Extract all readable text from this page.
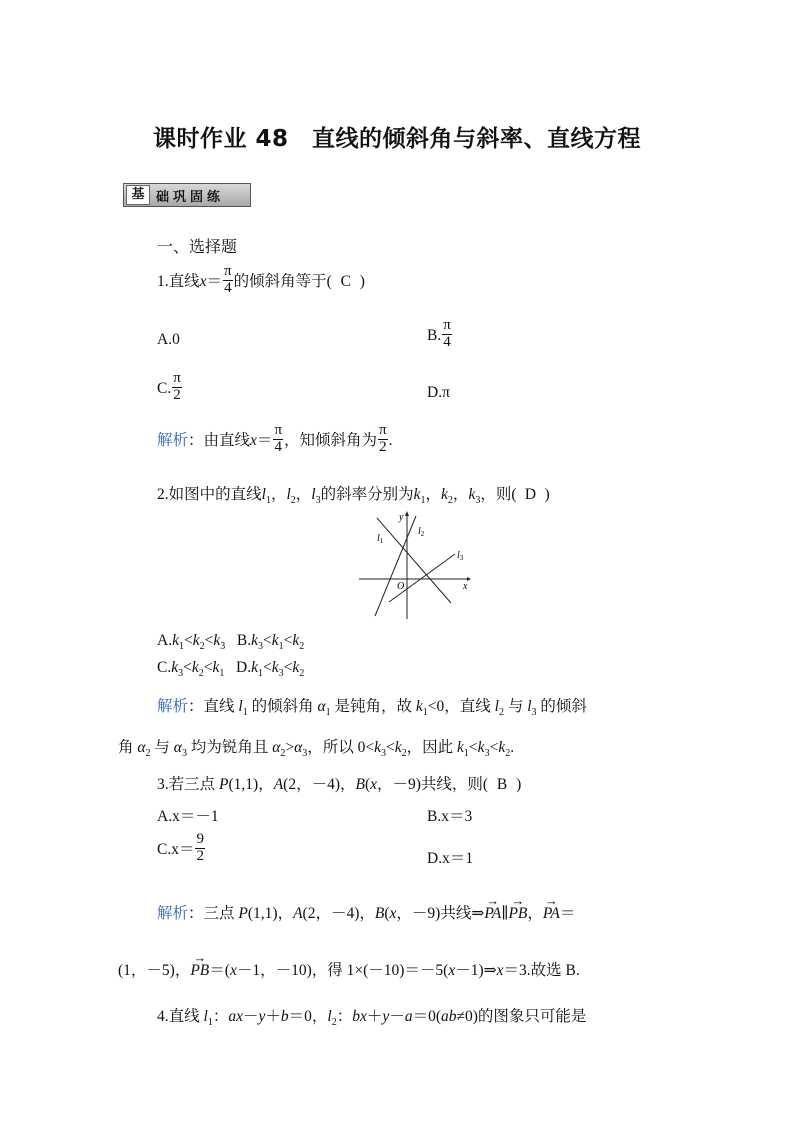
课时作业 48　直线的倾斜角与斜率、直线方程
基 础巩固练
一、选择题
1.直线$x= \frac{\pi}{4}$ 的倾斜角等于( C )
A.0	B. $\frac{\pi}{4}$
C. $\frac{\pi}{2}$	D.π
解析：由直线$x= \frac{\pi}{4}$ ，知倾斜角为 $\frac{\pi}{2}$ .
2.如图中的直线$l_1$，$l_2$，$l_3$的斜率分别为$k_1$，$k_2$，$k_3$，则( D )
y
x
O
$l_1$
$l_2$
$l_3$
$A.k_1<k_2<k_3$   $B.k_3<k_1<k_2$
$C.k_3<k_2<k_1$   $D.k_1<k_3<k_2$
解析：直线 $l_1$ 的倾斜角 $\alpha_1$ 是钝角，故 $k_1<0$，直线 $l_2$ 与 $l_3$ 的倾斜
角 $\alpha_2$ 与 $\alpha_3$ 均为锐角且 $\alpha_2>\alpha_3$，所以 $0<k_3<k_2$，因此 $k_1<k_3<k_2$.
3.若三点 P(1,1)，A(2，－4)，B(x，－9)共线，则( B )
A.x＝－1	B.x＝3
$C.x= \frac{9}{2}$	D.x＝1
解析：三点 P(1,1)，A(2，－4)，B(x，－9)共线⇒→ PA∥→ PB，→ PA＝
(1，－5)，→ PB＝(x－1，－10)，得 1×(－10)＝－5(x－1)⇒x＝3.故选 B.
4.直线 $l_1$：ax－y＋b＝0，$l_2$：bx＋y－a＝0(ab≠0)的图象只可能是
